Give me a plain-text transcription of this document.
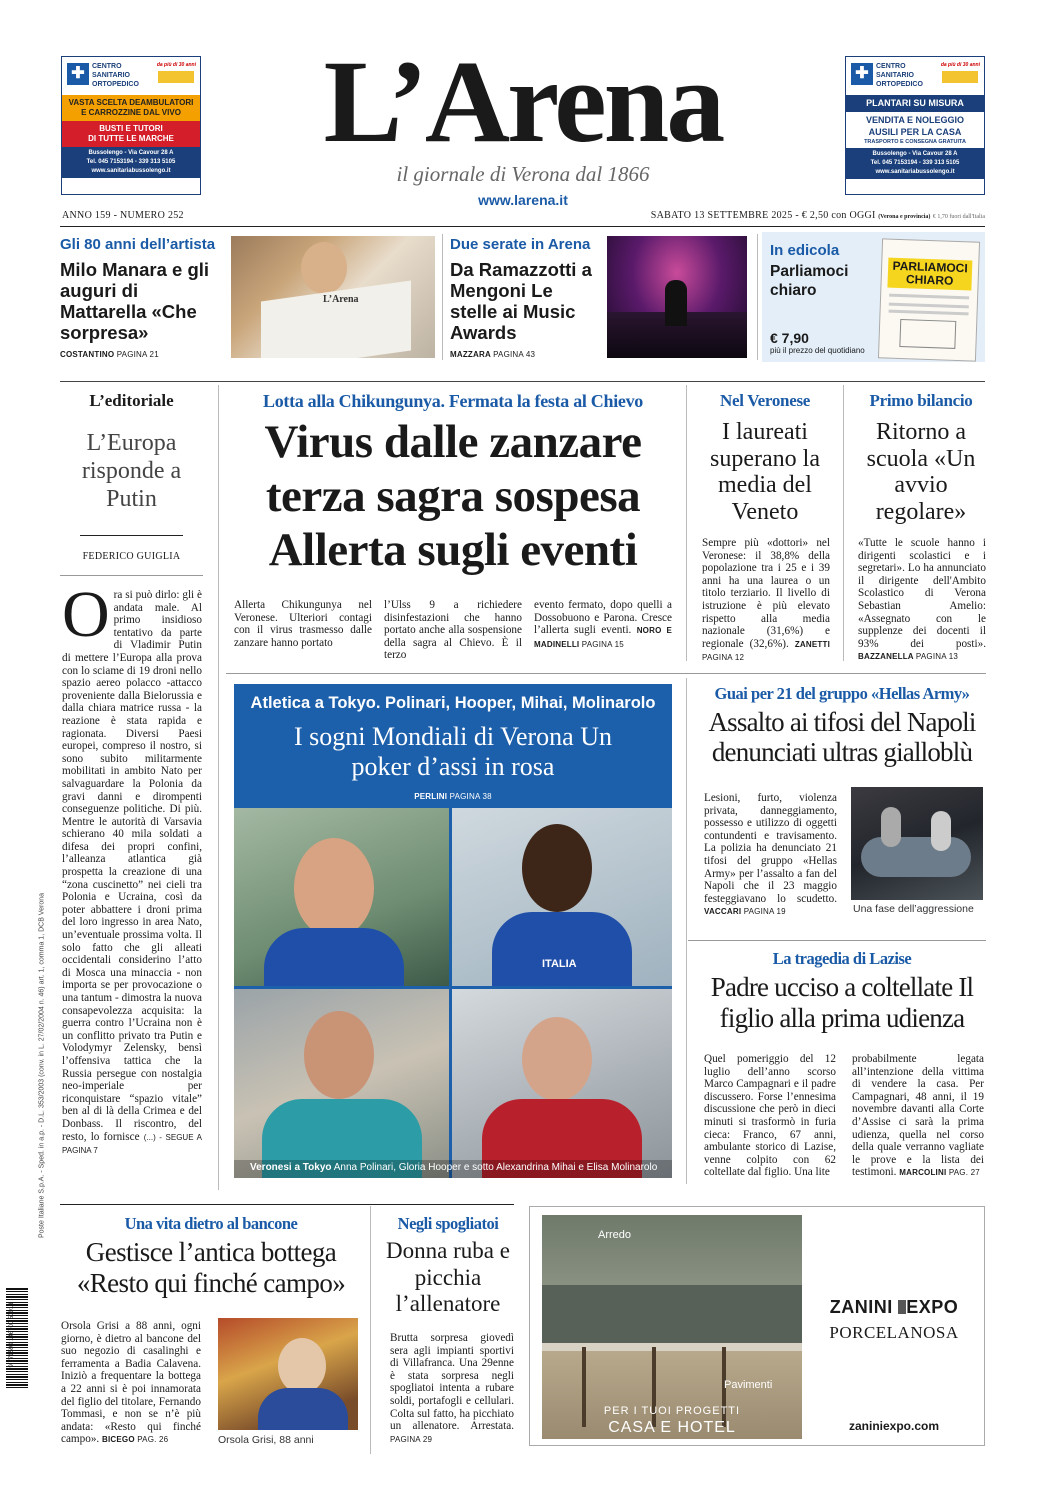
✚	CENTRO SANITARIO ORTOPEDICO
da più di 30 anni
VASTA SCELTA DEAMBULATORI
E CARROZZINE DAL VIVO
BUSTI E TUTORI
DI TUTTE LE MARCHE
Bussolengo - Via Cavour 28 A
Tel. 045 7153194 - 339 313 5105
www.sanitariabussolengo.it
✚	CENTRO SANITARIO ORTOPEDICO
da più di 30 anni
PLANTARI SU MISURA
VENDITA E NOLEGGIO
AUSILI PER LA CASA
TRASPORTO E CONSEGNA GRATUITA
Bussolengo - Via Cavour 28 A
Tel. 045 7153194 - 339 313 5105
www.sanitariabussolengo.it
L’Arena
il giornale di Verona dal 1866
www.larena.it
ANNO 159 - NUMERO 252	SABATO 13 SETTEMBRE 2025 - € 2,50 con OGGI (Verona e provincia) € 1,70 fuori dall'Italia
Gli 80 anni dell’artista
Milo Manara e gli auguri di Mattarella «Che sorpresa»
COSTANTINO PAGINA 21
L’Arena
Due serate in Arena
Da Ramazzotti a Mengoni Le stelle ai Music Awards
MAZZARA PAGINA 43
In edicola
Parliamoci chiaro
€ 7,90
più il prezzo del quotidiano
PARLIAMOCI CHIARO
L’editoriale
L’Europa risponde a Putin
FEDERICO GUIGLIA
Ora si può dirlo: gli è andata male. Al primo insidioso tentativo da parte di Vladimir Putin di mettere l’Europa alla prova con lo sciame di 19 droni nello spazio aereo polacco -attacco proveniente dalla Bielorussia e dalla chiara matrice russa - la reazione è stata rapida e ragionata. Diversi Paesi europei, compreso il nostro, si sono subito militarmente mobilitati in ambito Nato per salvaguardare la Polonia da gravi danni e dirompenti conseguenze politiche. Di più. Mentre le autorità di Varsavia schierano 40 mila soldati a difesa dei propri confini, l’alleanza atlantica già prospetta la creazione di una “zona cuscinetto” nei cieli tra Polonia e Ucraina, così da poter abbattere i droni prima del loro ingresso in area Nato, un’eventuale prossima volta. Il solo fatto che gli alleati occidentali considerino l’atto di Mosca una minaccia - non importa se per provocazione o una tantum - dimostra la nuova consapevolezza acquisita: la guerra contro l’Ucraina non è un conflitto privato tra Putin e Volodymyr Zelensky, bensì l’offensiva tattica che la Russia persegue con nostalgia neo-imperiale per riconquistare “spazio vitale” ben al di là della Crimea e del Donbass. Il riscontro, del resto, lo fornisce (...) - SEGUE A PAGINA 7
Lotta alla Chikungunya. Fermata la festa al Chievo
Virus dalle zanzare terza sagra sospesa Allerta sugli eventi
Allerta Chikungunya nel Veronese. Ulteriori contagi con il virus trasmesso dalle zanzare hanno portato
l’Ulss 9 a richiedere disinfestazioni che hanno portato anche alla sospensione della sagra al Chievo. È il terzo
evento fermato, dopo quelli a Dossobuono e Parona. Cresce l’allerta sugli eventi. NORO E MADINELLI PAGINA 15
Nel Veronese
I laureati superano la media del Veneto
Sempre più «dottori» nel Veronese: il 38,8% della popolazione tra i 25 e i 39 anni ha una laurea o un titolo terziario. Il livello di istruzione è più elevato rispetto alla media nazionale (31,6%) e regionale (32,6%). ZANETTI PAGINA 12
Primo bilancio
Ritorno a scuola «Un avvio regolare»
«Tutte le scuole hanno i dirigenti scolastici e i segretari». Lo ha annunciato il dirigente dell'Ambito Scolastico di Verona Sebastian Amelio: «Assegnato con le supplenze dei docenti il 93% dei posti». BAZZANELLA PAGINA 13
Atletica a Tokyo. Polinari, Hooper, Mihai, Molinarolo
I sogni Mondiali di Verona Un poker d’assi in rosa
PERLINI PAGINA 38
ITALIA
Veronesi a Tokyo Anna Polinari, Gloria Hooper e sotto Alexandrina Mihai e Elisa Molinarolo
Guai per 21 del gruppo «Hellas Army»
Assalto ai tifosi del Napoli denunciati ultras gialloblù
Lesioni, furto, violenza privata, danneggiamento, possesso e utilizzo di oggetti contundenti e travisamento. La polizia ha denunciato 21 tifosi del gruppo «Hellas Army» per l’assalto a fan del Napoli che il 23 maggio festeggiavano lo scudetto. VACCARI PAGINA 19	Una fase dell’aggressione
La tragedia di Lazise
Padre ucciso a coltellate Il figlio alla prima udienza
Quel pomeriggio del 12 luglio dell’anno scorso Marco Campagnari e il padre discussero. Forse l’ennesima discussione che però in dieci minuti si trasformò in furia cieca: Franco, 67 anni, ambulante storico di Lazise, venne colpito con 62 coltellate dal figlio. Una lite
probabilmente legata all’intenzione della vittima di vendere la casa. Per Campagnari, 48 anni, il 19 novembre davanti alla Corte d’Assise ci sarà la prima udienza, quella nel corso della quale verranno vagliate le prove e la lista dei testimoni. MARCOLINI PAG. 27
Una vita dietro al bancone
Gestisce l’antica bottega «Resto qui finché campo»
Orsola Grisi a 88 anni, ogni giorno, è dietro al bancone del suo negozio di casalinghi e ferramenta a Badia Calavena. Iniziò a frequentare la bottega a 22 anni si è poi innamorata del figlio del titolare, Fernando Tommasi, e non se n’è più andata: «Resto qui finché campo». BICEGO PAG. 26	Orsola Grisi, 88 anni
Negli spogliatoi
Donna ruba e picchia l’allenatore
Brutta sorpresa giovedì sera agli impianti sportivi di Villafranca. Una 29enne è stata sorpresa negli spogliatoi intenta a rubare soldi, portafogli e cellulari. Colta sul fatto, ha picchiato un allenatore. Arrestata. PAGINA 29
Arredo
Pavimenti
PER I TUOI PROGETTI
CASA E HOTEL
ZANINI EXPO
PORCELANOSA
zaniniexpo.com
Poste Italiane S.p.A. - Sped. in a.p. - D.L. 353/2003 (conv. in L. 27/02/2004 n. 46) art. 1, comma 1, DCB Verona
9 771590 146700 50913
